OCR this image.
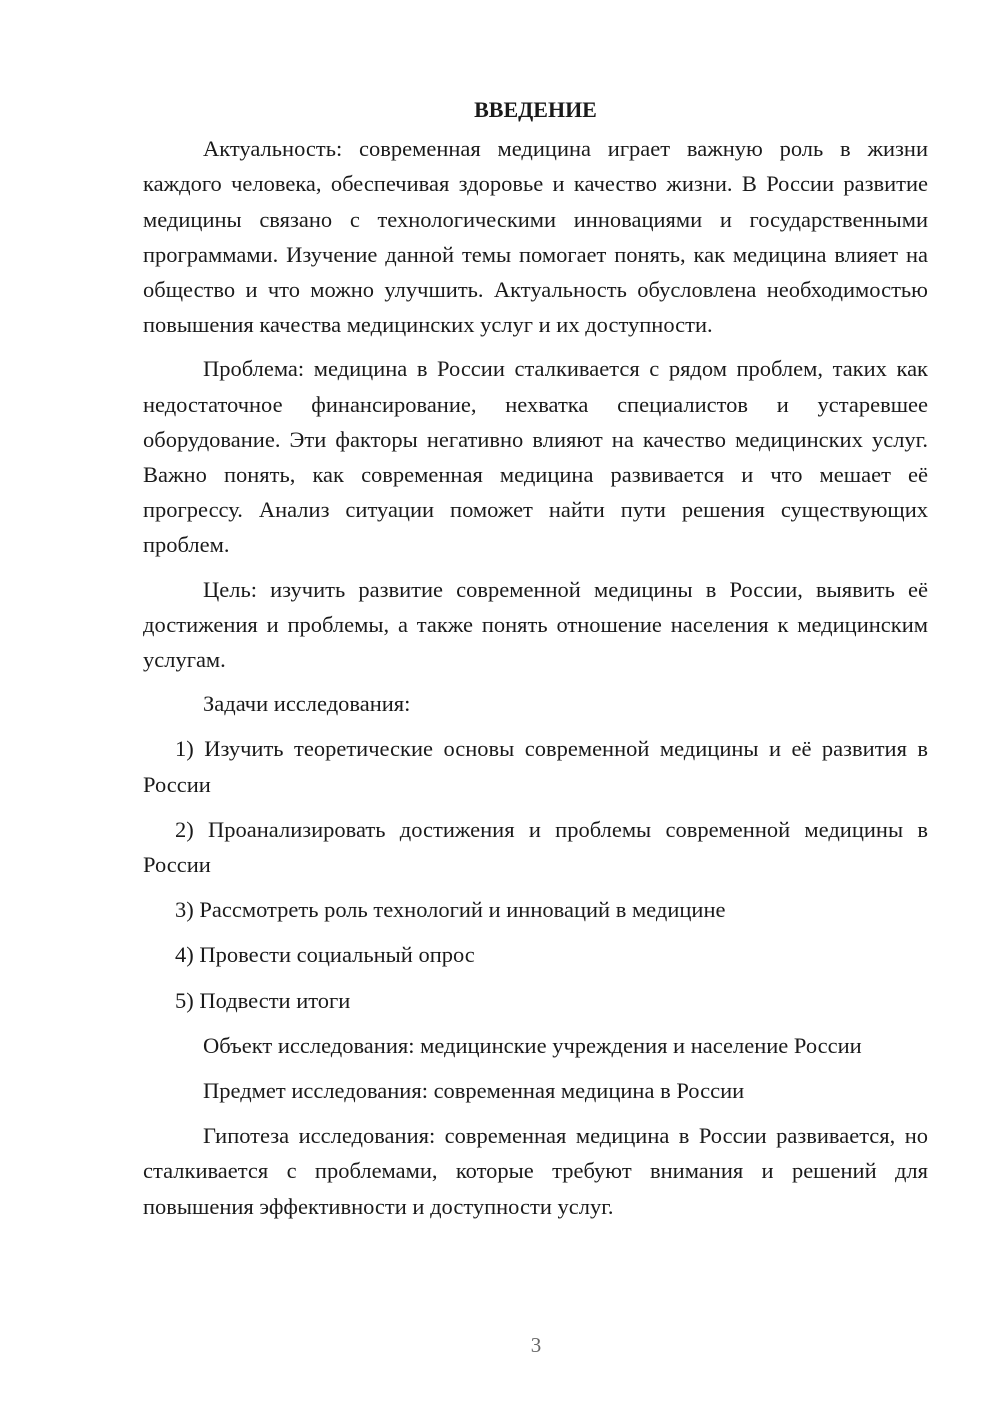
ВВЕДЕНИЕ

Актуальность: современная медицина играет важную роль в жизни каждого человека, обеспечивая здоровье и качество жизни. В России развитие медицины связано с технологическими инновациями и государственными программами. Изучение данной темы помогает понять, как медицина влияет на общество и что можно улучшить. Актуальность обусловлена необходимостью повышения качества медицинских услуг и их доступности.

Проблема: медицина в России сталкивается с рядом проблем, таких как недостаточное финансирование, нехватка специалистов и устаревшее оборудование. Эти факторы негативно влияют на качество медицинских услуг. Важно понять, как современная медицина развивается и что мешает её прогрессу. Анализ ситуации поможет найти пути решения существующих проблем.

Цель: изучить развитие современной медицины в России, выявить её достижения и проблемы, а также понять отношение населения к медицинским услугам.

Задачи исследования:

1) Изучить теоретические основы современной медицины и её развития в России

2) Проанализировать достижения и проблемы современной медицины в России

3) Рассмотреть роль технологий и инноваций в медицине

4) Провести социальный опрос

5) Подвести итоги

Объект исследования: медицинские учреждения и население России

Предмет исследования: современная медицина в России

Гипотеза исследования: современная медицина в России развивается, но сталкивается с проблемами, которые требуют внимания и решений для повышения эффективности и доступности услуг.

3
